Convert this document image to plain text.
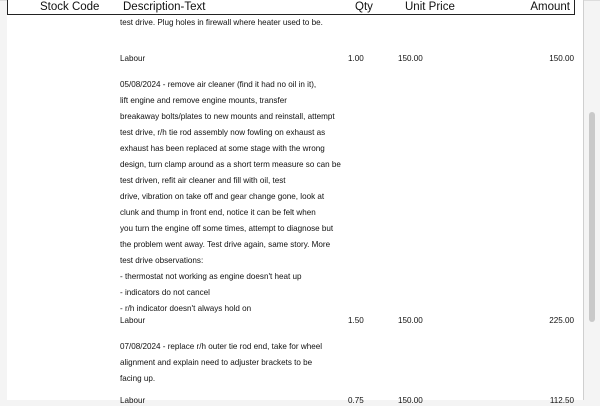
Stock Code Description-Text	Qty	Unit Price	Amount
test drive. Plug holes in firewall where heater used to be.
Labour	1.00	150.00	150.00
05/08/2024 - remove air cleaner (find it had no oil in it),
lift engine and remove engine mounts, transfer
breakaway bolts/plates to new mounts and reinstall, attempt
test drive, r/h tie rod assembly now fowling on exhaust as
exhaust has been replaced at some stage with the wrong
design, turn clamp around as a short term measure so can be
test driven, refit air cleaner and fill with oil, test
drive, vibration on take off and gear change gone, look at
clunk and thump in front end, notice it can be felt when
you turn the engine off some times, attempt to diagnose but
the problem went away. Test drive again, same story. More
test drive observations:
- thermostat not working as engine doesn't heat up
- indicators do not cancel
- r/h indicator doesn't always hold on
Labour	1.50	150.00	225.00
07/08/2024 - replace r/h outer tie rod end, take for wheel
alignment and explain need to adjuster brackets to be
facing up.
Labour	0.75	150.00	112.50
